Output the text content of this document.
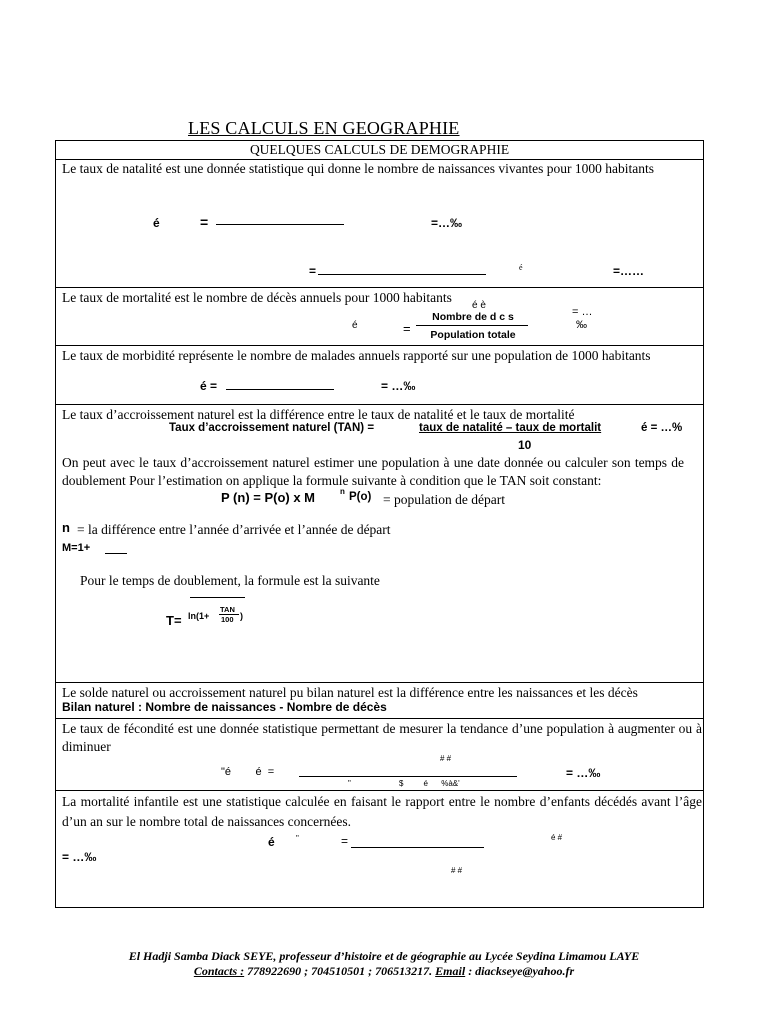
LES CALCULS EN GEOGRAPHIE
QUELQUES CALCULS DE DEMOGRAPHIE
Le taux de natalité est une donnée statistique qui donne le nombre de naissances vivantes pour 1000 habitants
é	=	=…‰
=	é	=……
Le taux de mortalité est le nombre de décès annuels pour 1000 habitants
é è
é	=
Nombre de d c s
Population totale
= …
‰
Le taux de morbidité représente le nombre de malades annuels rapporté sur une population de 1000 habitants
é =	= …‰
Le taux d’accroissement naturel est la différence entre le taux de natalité et le taux de mortalité
Taux d’accroissement naturel (TAN) =	taux de natalité – taux de mortalit	é = …%
10
On peut avec le taux d’accroissement naturel estimer une population à une date donnée ou calculer son temps de doublement Pour l’estimation on applique la formule suivante à condition que le TAN soit constant:
P (n) = P(o) x M	n P(o) = population de départ
n = la différence entre l’année d’arrivée et l’année de départ
M=1+
Pour le temps de doublement, la formule est la suivante
T= ln(1+
TAN
100 )
Le solde naturel ou accroissement naturel pu bilan naturel est la différence entre les naissances et les décès
Bilan naturel : Nombre de naissances - Nombre de décès
Le taux de fécondité est une donnée statistique permettant de mesurer la tendance d’une population à augmenter ou à diminuer
# #
"é        é  =
"	$         é      %à&'
= …‰
La mortalité infantile est une statistique calculée en faisant le rapport entre le nombre d’enfants décédés avant l’âge d’un an sur le nombre total de naissances concernées.
é	"	=	é #
= …‰
# #
El Hadji Samba Diack SEYE, professeur d’histoire et de géographie au Lycée Seydina Limamou LAYE
Contacts : 778922690 ; 704510501 ; 706513217. Email : diackseye@yahoo.fr
